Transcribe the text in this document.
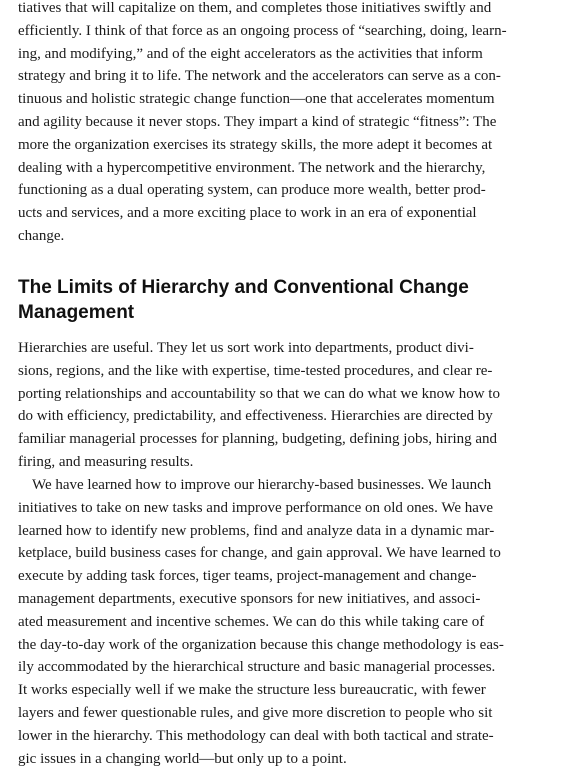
tiatives that will capitalize on them, and completes those initiatives swiftly and
efficiently. I think of that force as an ongoing process of “searching, doing, learn-
ing, and modifying,” and of the eight accelerators as the activities that inform
strategy and bring it to life. The network and the accelerators can serve as a con-
tinuous and holistic strategic change function—one that accelerates momentum
and agility because it never stops. They impart a kind of strategic “fitness”: The
more the organization exercises its strategy skills, the more adept it becomes at
dealing with a hypercompetitive environment. The network and the hierarchy,
functioning as a dual operating system, can produce more wealth, better prod-
ucts and services, and a more exciting place to work in an era of exponential
change.
The Limits of Hierarchy and Conventional Change
Management
Hierarchies are useful. They let us sort work into departments, product divi-
sions, regions, and the like with expertise, time-tested procedures, and clear re-
porting relationships and accountability so that we can do what we know how to
do with efficiency, predictability, and effectiveness. Hierarchies are directed by
familiar managerial processes for planning, budgeting, defining jobs, hiring and
firing, and measuring results.
We have learned how to improve our hierarchy-based businesses. We launch
initiatives to take on new tasks and improve performance on old ones. We have
learned how to identify new problems, find and analyze data in a dynamic mar-
ketplace, build business cases for change, and gain approval. We have learned to
execute by adding task forces, tiger teams, project-management and change-
management departments, executive sponsors for new initiatives, and associ-
ated measurement and incentive schemes. We can do this while taking care of
the day-to-day work of the organization because this change methodology is eas-
ily accommodated by the hierarchical structure and basic managerial processes.
It works especially well if we make the structure less bureaucratic, with fewer
layers and fewer questionable rules, and give more discretion to people who sit
lower in the hierarchy. This methodology can deal with both tactical and strate-
gic issues in a changing world—but only up to a point.
